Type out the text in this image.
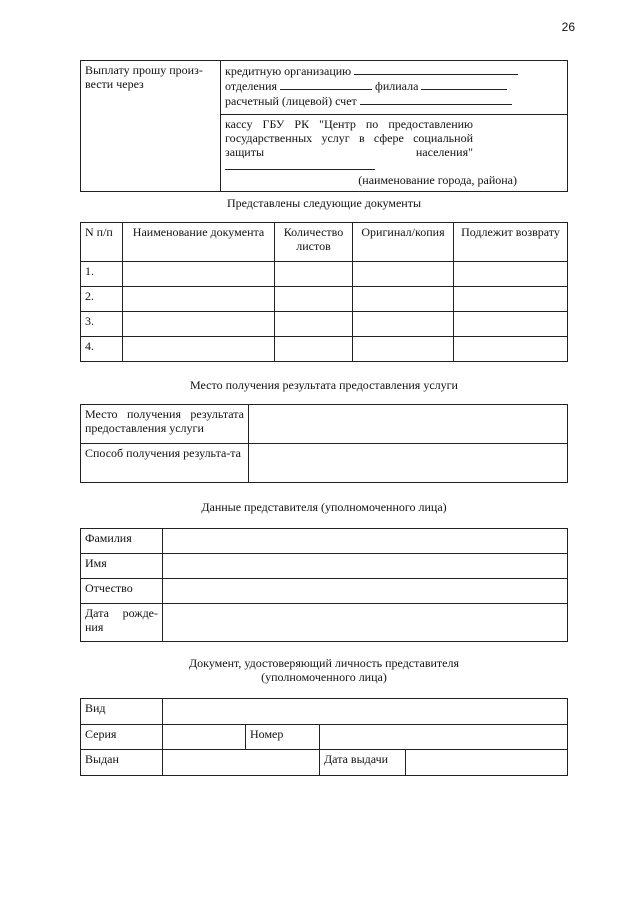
26
Выплату прошу произ-вести через	
кредитную организацию
отделения	филиала
расчетный (лицевой) счет

кассу ГБУ РК "Центр по предоставлению государственных услуг в сфере социальной защиты населения"
(наименование города, района)
Представлены следующие документы
N п/п	Наименование документа	Количество листов	Оригинал/копия	Подлежит возврату
1.				
2.				
3.				
4.				
Место получения результата предоставления услуги
Место получения результата предоставления услуги	
Способ получения результа-та	
Данные представителя (уполномоченного лица)
Фамилия	
Имя	
Отчество	
Дата рожде-ния	
Документ, удостоверяющий личность представителя
(уполномоченного лица)
Вид				
Серия		Номер		
Выдан			Дата выдачи	
